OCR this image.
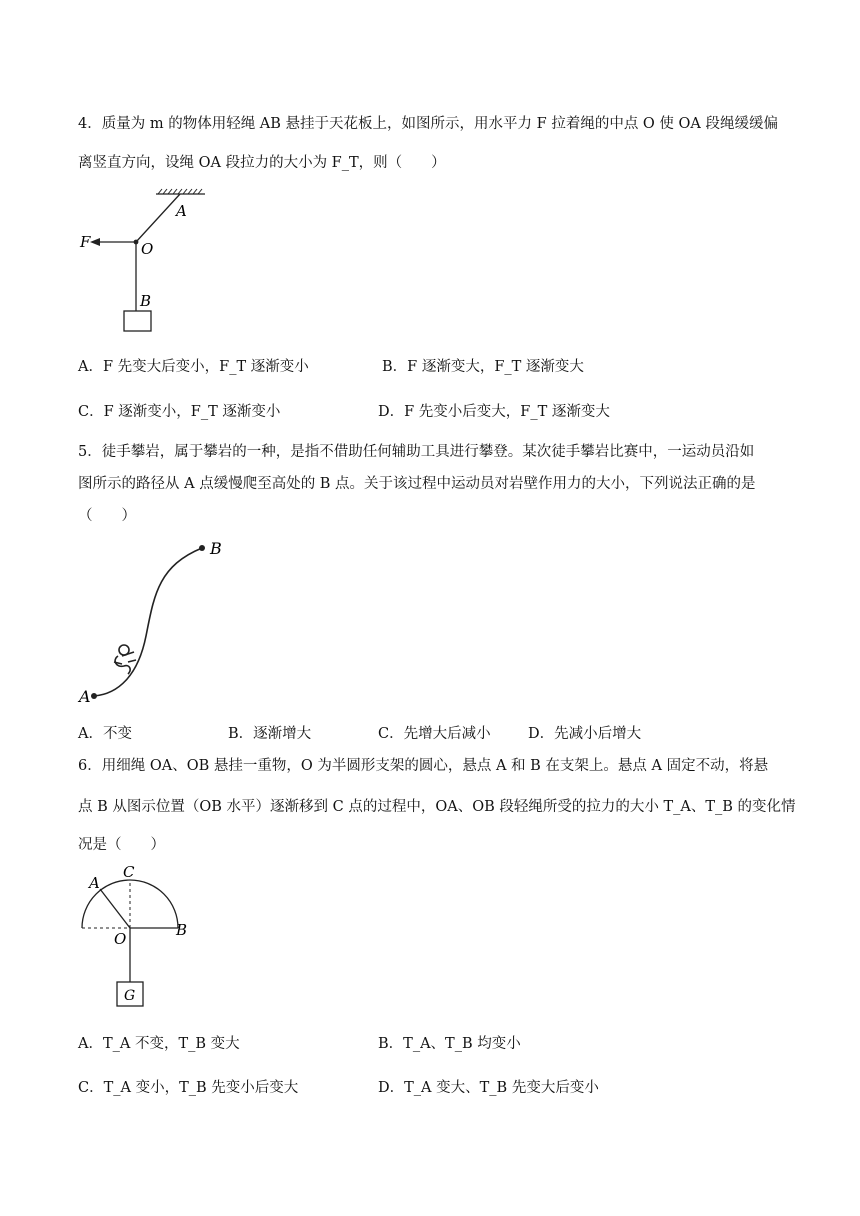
4．质量为 m 的物体用轻绳 AB 悬挂于天花板上，如图所示，用水平力 F 拉着绳的中点 O 使 OA 段绳缓缓偏
离竖直方向，设绳 OA 段拉力的大小为 F_T，则（　　）
A
F	O
B
A．F 先变大后变小，F_T 逐渐变小	B．F 逐渐变大，F_T 逐渐变大
C．F 逐渐变小，F_T 逐渐变小	D．F 先变小后变大，F_T 逐渐变大
5．徒手攀岩，属于攀岩的一种，是指不借助任何辅助工具进行攀登。某次徒手攀岩比赛中，一运动员沿如
图所示的路径从 A 点缓慢爬至高处的 B 点。关于该过程中运动员对岩壁作用力的大小，下列说法正确的是
（　　）
A
B
A．不变	B．逐渐增大	C．先增大后减小	D．先减小后增大
6．用细绳 OA、OB 悬挂一重物，O 为半圆形支架的圆心，悬点 A 和 B 在支架上。悬点 A 固定不动，将悬
点 B 从图示位置（OB 水平）逐渐移到 C 点的过程中，OA、OB 段轻绳所受的拉力的大小 T_A、T_B 的变化情
况是（　　）
A
C
O	B
G
A．T_A 不变，T_B 变大	B．T_A、T_B 均变小
C．T_A 变小，T_B 先变小后变大	D．T_A 变大、T_B 先变大后变小
